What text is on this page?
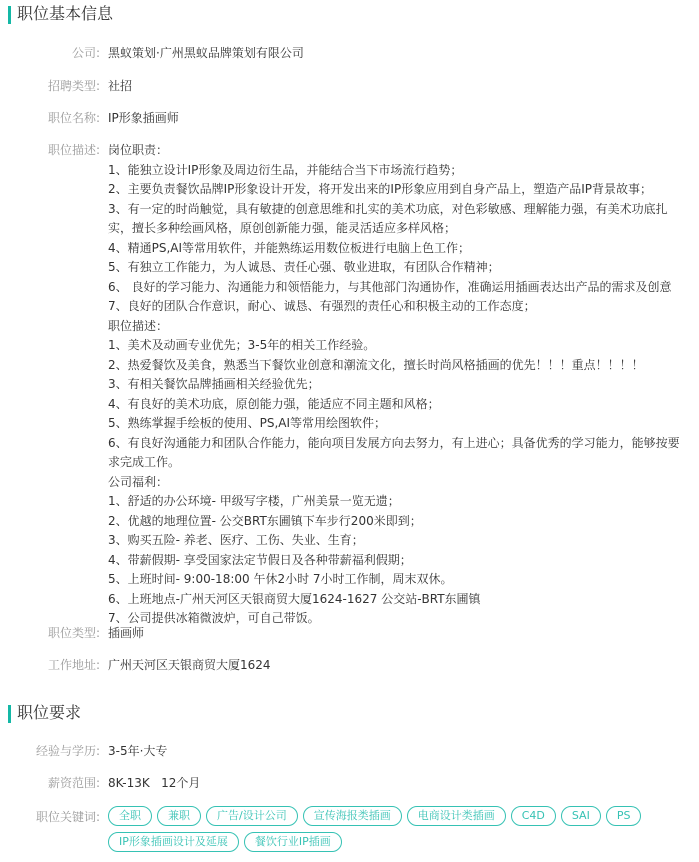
职位基本信息
公司: 黑蚁策划·广州黑蚁品牌策划有限公司
招聘类型: 社招
职位名称: IP形象插画师
职位描述: 岗位职责：
1、能独立设计IP形象及周边衍生品，并能结合当下市场流行趋势；
2、主要负责餐饮品牌IP形象设计开发，将开发出来的IP形象应用到自身产品上，塑造产品IP背景故事；
3、有一定的时尚触觉，具有敏捷的创意思维和扎实的美术功底，对色彩敏感、理解能力强，有美术功底扎实，擅长多种绘画风格，原创创新能力强，能灵活适应多样风格；
4、精通PS,AI等常用软件，并能熟练运用数位板进行电脑上色工作；
5、有独立工作能力，为人诚恳、责任心强、敬业进取，有团队合作精神；
6、 良好的学习能力、沟通能力和领悟能力，与其他部门沟通协作，准确运用插画表达出产品的需求及创意
7、良好的团队合作意识，耐心、诚恳、有强烈的责任心和积极主动的工作态度；
职位描述：
1、美术及动画专业优先；3-5年的相关工作经验。
2、热爱餐饮及美食，熟悉当下餐饮业创意和潮流文化，擅长时尚风格插画的优先！！！重点！！！！
3、有相关餐饮品牌插画相关经验优先；
4、有良好的美术功底，原创能力强，能适应不同主题和风格；
5、熟练掌握手绘板的使用、PS,AI等常用绘图软件；
6、有良好沟通能力和团队合作能力，能向项目发展方向去努力，有上进心；具备优秀的学习能力，能够按要求完成工作。
公司福利：
1、舒适的办公环境- 甲级写字楼，广州美景一览无遗；
2、优越的地理位置- 公交BRT东圃镇下车步行200米即到；
3、购买五险- 养老、医疗、工伤、失业、生育；
4、带薪假期- 享受国家法定节假日及各种带薪福利假期；
5、上班时间- 9:00-18:00 午休2小时 7小时工作制，周末双休。
6、上班地点-广州天河区天银商贸大厦1624-1627 公交站-BRT东圃镇
7、公司提供冰箱微波炉，可自己带饭。
职位类型: 插画师
工作地址: 广州天河区天银商贸大厦1624
职位要求
经验与学历: 3-5年·大专
薪资范围: 8K-13K   12个月
职位关键词:	全职 兼职 广告/设计公司 宣传海报类插画 电商设计类插画 C4D SAI PSIP形象插画设计及延展 餐饮行业IP插画
